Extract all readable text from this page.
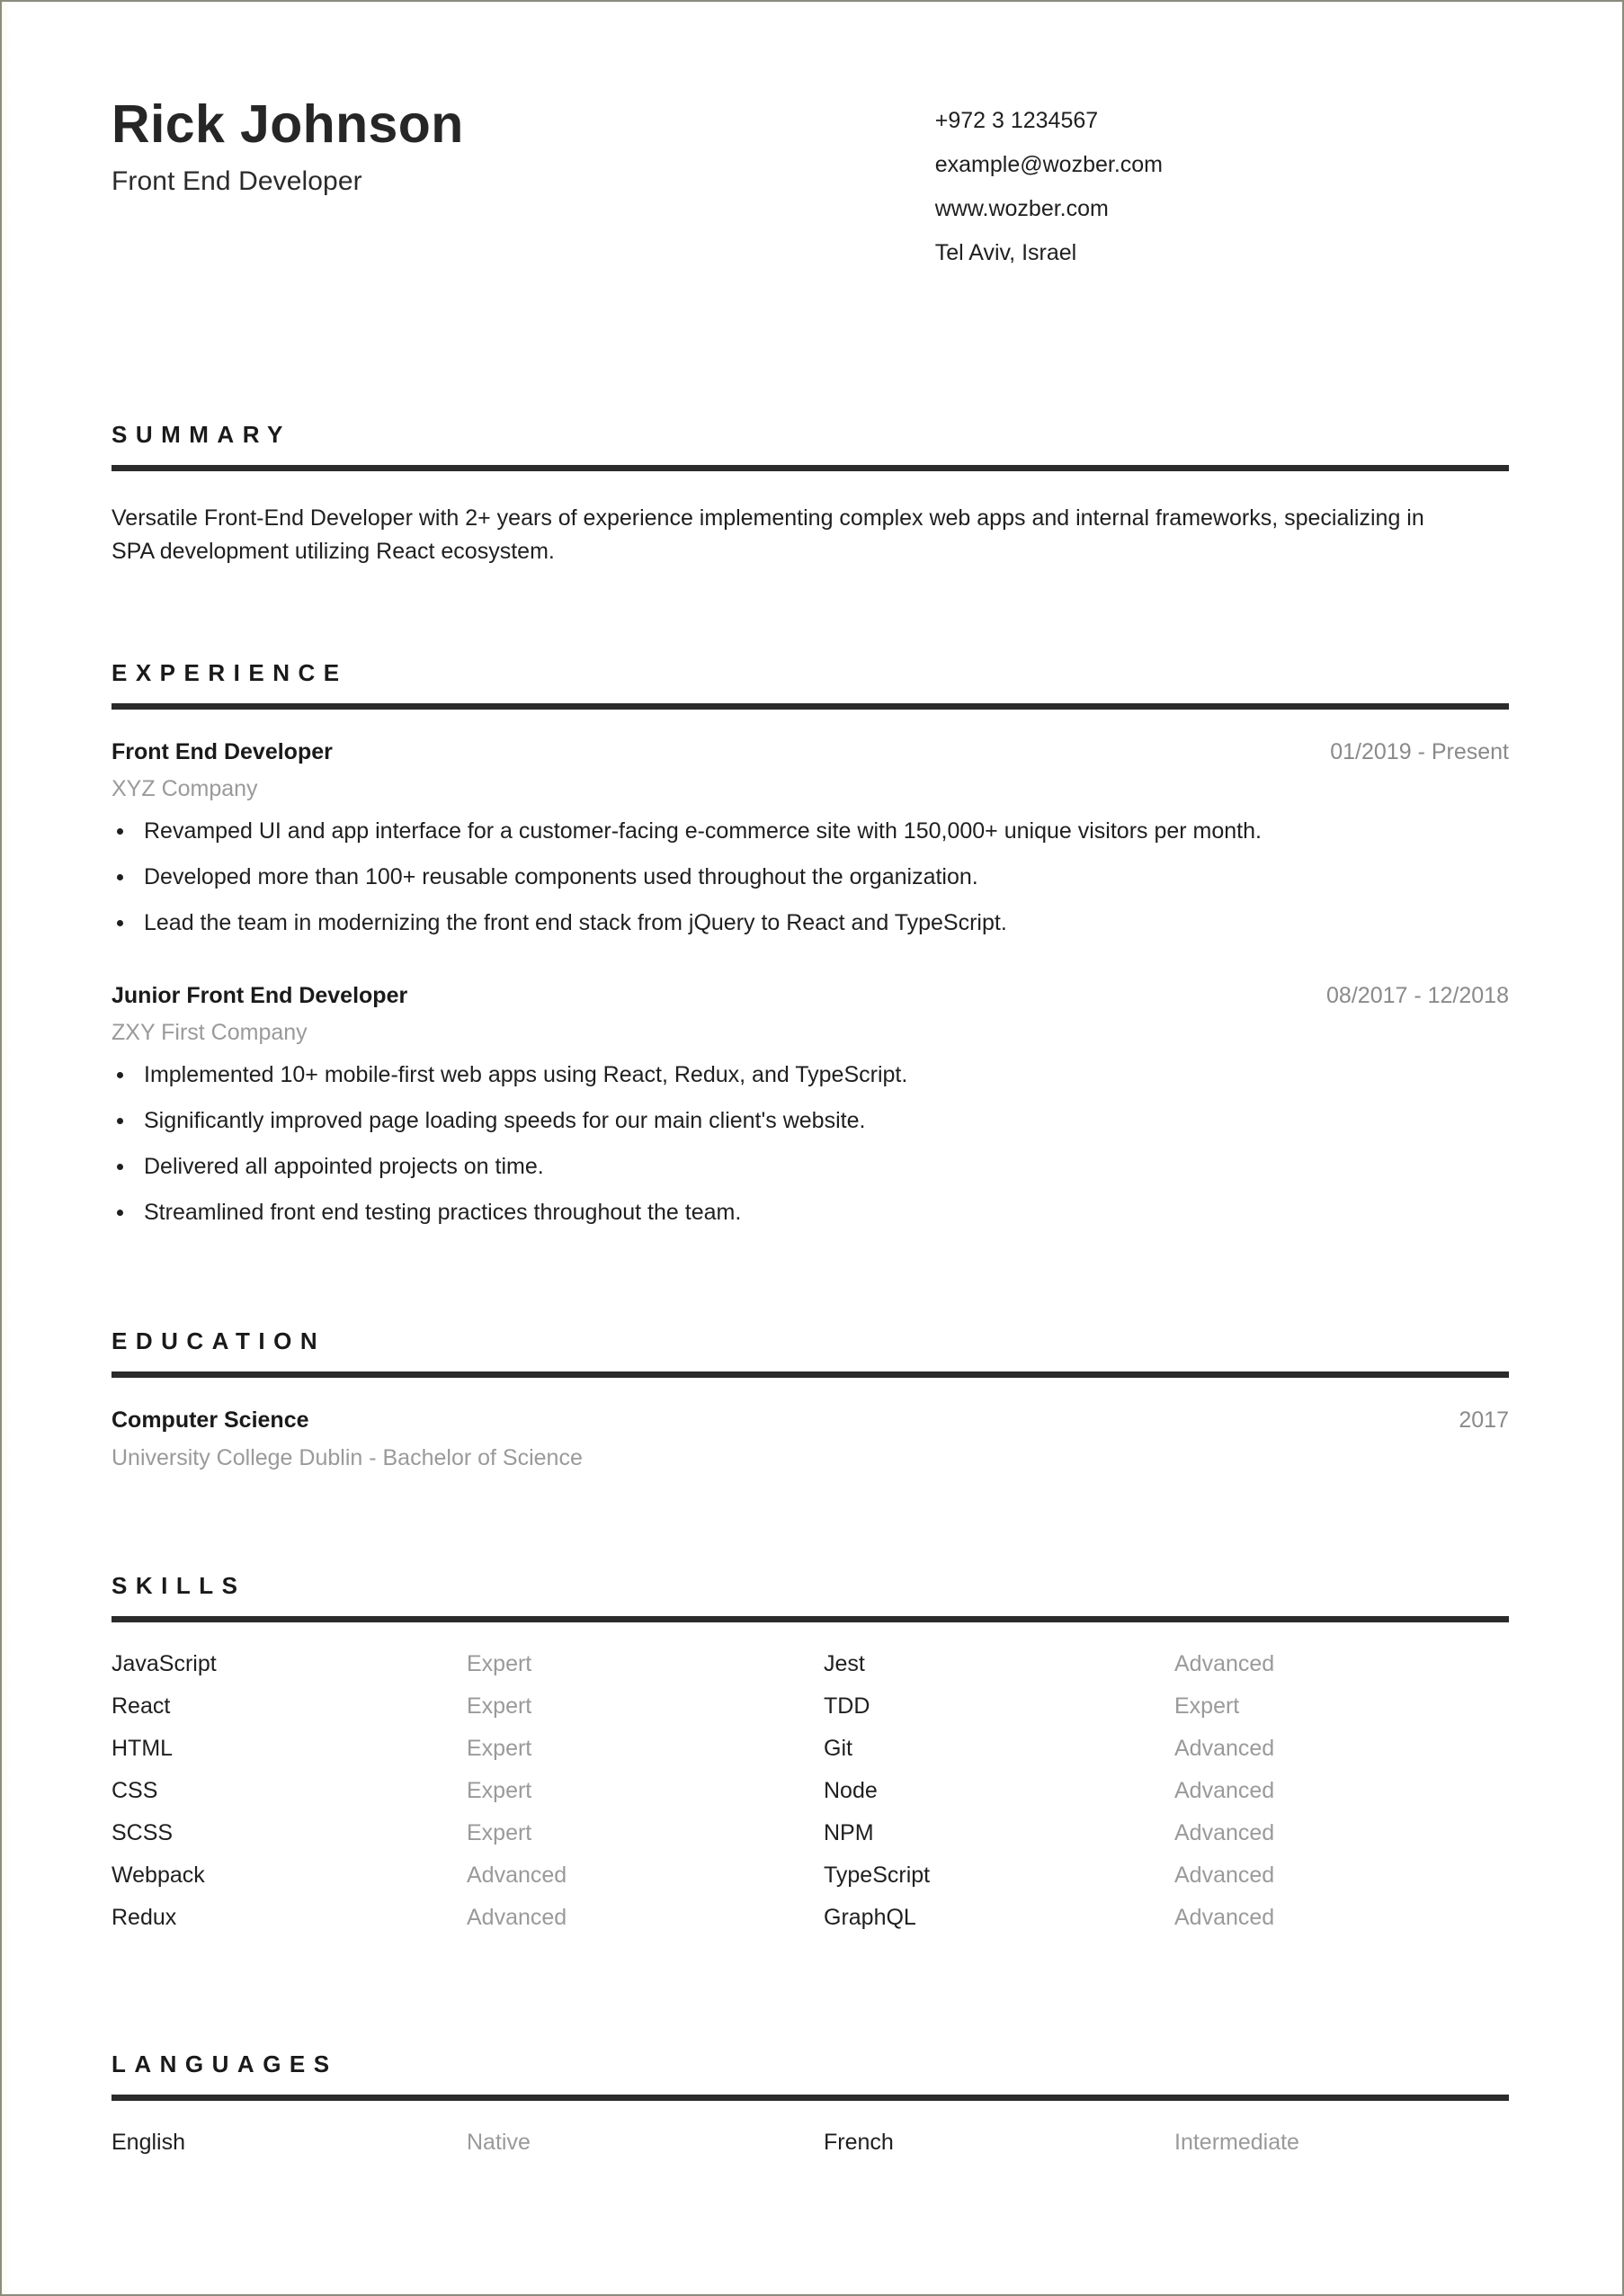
Rick Johnson
Front End Developer
+972 3 1234567
example@wozber.com
www.wozber.com
Tel Aviv, Israel
SUMMARY

Versatile Front-End Developer with 2+ years of experience implementing complex web apps and internal frameworks, specializing in SPA development utilizing React ecosystem.

EXPERIENCE
Front End Developer	01/2019 - Present
XYZ Company
Revamped UI and app interface for a customer-facing e-commerce site with 150,000+ unique visitors per month.
Developed more than 100+ reusable components used throughout the organization.
Lead the team in modernizing the front end stack from jQuery to React and TypeScript.
Junior Front End Developer	08/2017 - 12/2018
ZXY First Company
Implemented 10+ mobile-first web apps using React, Redux, and TypeScript.
Significantly improved page loading speeds for our main client's website.
Delivered all appointed projects on time.
Streamlined front end testing practices throughout the team.
EDUCATION
Computer Science	2017
University College Dublin - Bachelor of Science
SKILLS
JavaScript	Expert	Jest	Advanced
React	Expert	TDD	Expert
HTML	Expert	Git	Advanced
CSS	Expert	Node	Advanced
SCSS	Expert	NPM	Advanced
Webpack	Advanced	TypeScript	Advanced
Redux	Advanced	GraphQL	Advanced
LANGUAGES
English	Native	French	Intermediate
